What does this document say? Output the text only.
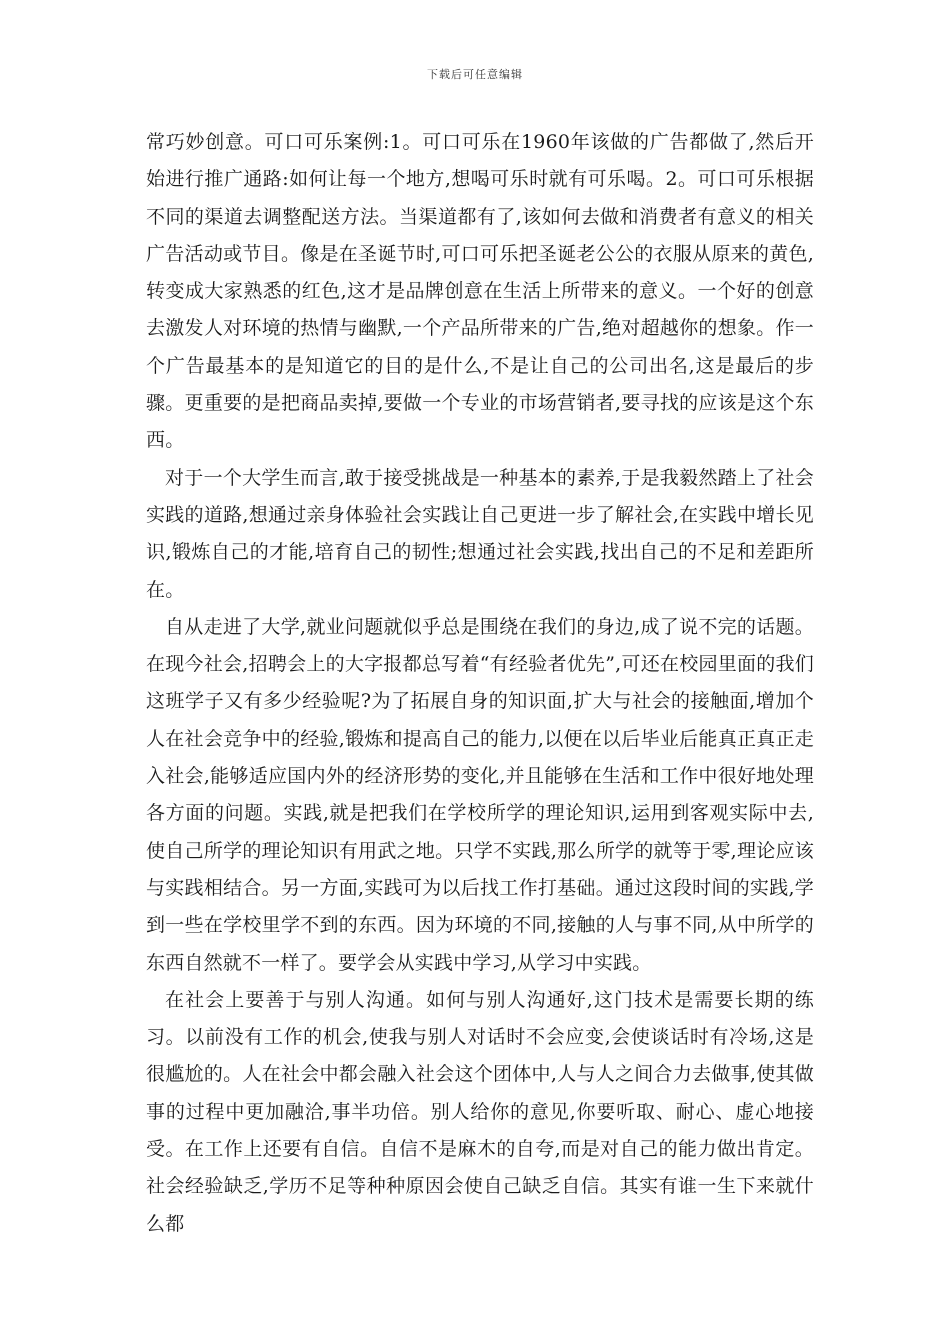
下载后可任意编辑

常巧妙创意。可口可乐案例:1。可口可乐在1960年该做的广告都做了,然后开始进行推广通路:如何让每一个地方,想喝可乐时就有可乐喝。2。可口可乐根据不同的渠道去调整配送方法。当渠道都有了,该如何去做和消费者有意义的相关广告活动或节目。像是在圣诞节时,可口可乐把圣诞老公公的衣服从原来的黄色,转变成大家熟悉的红色,这才是品牌创意在生活上所带来的意义。一个好的创意去激发人对环境的热情与幽默,一个产品所带来的广告,绝对超越你的想象。作一个广告最基本的是知道它的目的是什么,不是让自己的公司出名,这是最后的步骤。更重要的是把商品卖掉,要做一个专业的市场营销者,要寻找的应该是这个东西。

对于一个大学生而言,敢于接受挑战是一种基本的素养,于是我毅然踏上了社会实践的道路,想通过亲身体验社会实践让自己更进一步了解社会,在实践中增长见识,锻炼自己的才能,培育自己的韧性;想通过社会实践,找出自己的不足和差距所在。

自从走进了大学,就业问题就似乎总是围绕在我们的身边,成了说不完的话题。在现今社会,招聘会上的大字报都总写着“有经验者优先”,可还在校园里面的我们这班学子又有多少经验呢?为了拓展自身的知识面,扩大与社会的接触面,增加个人在社会竞争中的经验,锻炼和提高自己的能力,以便在以后毕业后能真正真正走入社会,能够适应国内外的经济形势的变化,并且能够在生活和工作中很好地处理各方面的问题。实践,就是把我们在学校所学的理论知识,运用到客观实际中去,使自己所学的理论知识有用武之地。只学不实践,那么所学的就等于零,理论应该与实践相结合。另一方面,实践可为以后找工作打基础。通过这段时间的实践,学到一些在学校里学不到的东西。因为环境的不同,接触的人与事不同,从中所学的东西自然就不一样了。要学会从实践中学习,从学习中实践。

在社会上要善于与别人沟通。如何与别人沟通好,这门技术是需要长期的练习。以前没有工作的机会,使我与别人对话时不会应变,会使谈话时有冷场,这是很尴尬的。人在社会中都会融入社会这个团体中,人与人之间合力去做事,使其做事的过程中更加融洽,事半功倍。别人给你的意见,你要听取、耐心、虚心地接受。在工作上还要有自信。自信不是麻木的自夸,而是对自己的能力做出肯定。社会经验缺乏,学历不足等种种原因会使自己缺乏自信。其实有谁一生下来就什么都
